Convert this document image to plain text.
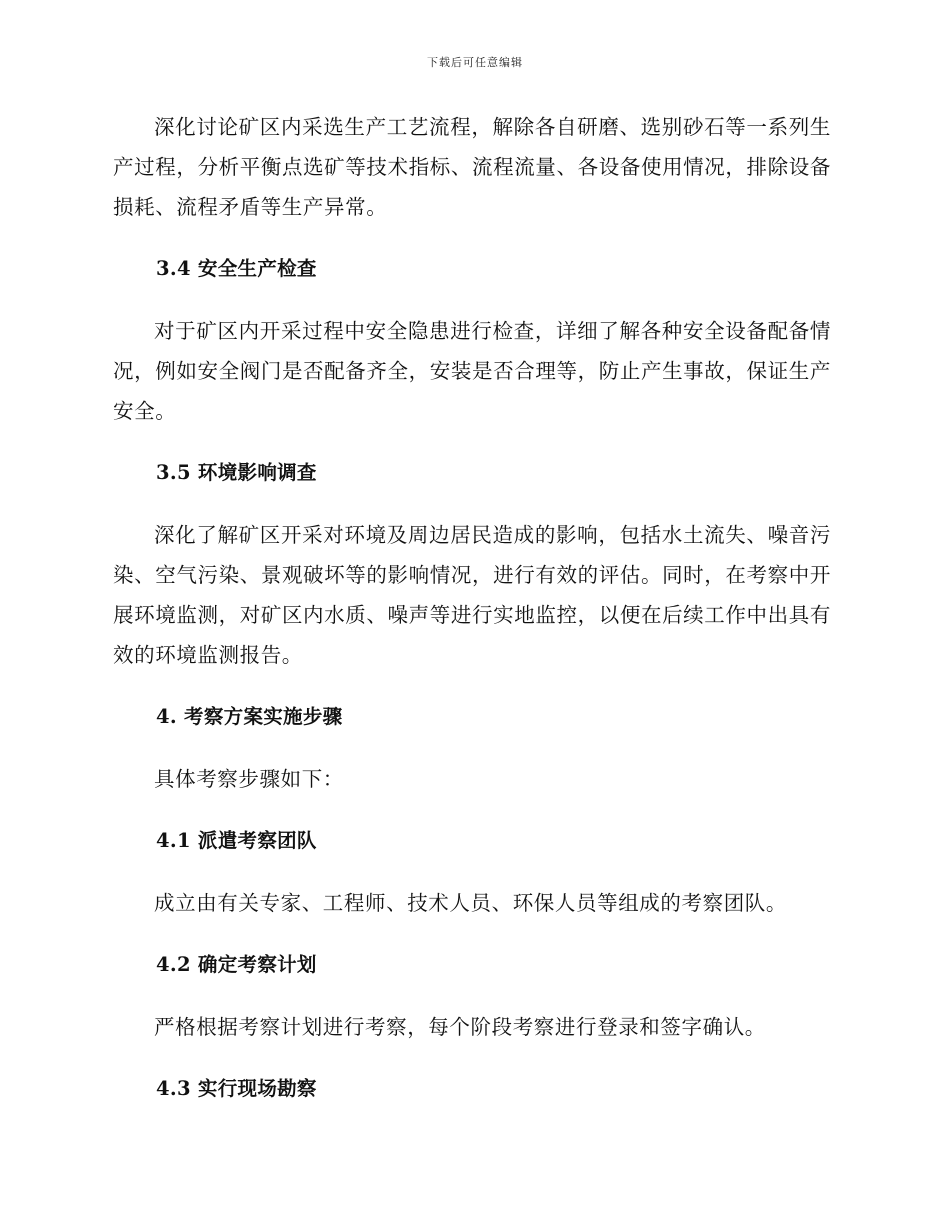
下载后可任意编辑

深化讨论矿区内采选生产工艺流程，解除各自研磨、选别砂石等一系列生产过程，分析平衡点选矿等技术指标、流程流量、各设备使用情况，排除设备损耗、流程矛盾等生产异常。

3.4 安全生产检查

对于矿区内开采过程中安全隐患进行检查，详细了解各种安全设备配备情况，例如安全阀门是否配备齐全，安装是否合理等，防止产生事故，保证生产安全。

3.5 环境影响调查

深化了解矿区开采对环境及周边居民造成的影响，包括水土流失、噪音污染、空气污染、景观破坏等的影响情况，进行有效的评估。同时，在考察中开展环境监测，对矿区内水质、噪声等进行实地监控，以便在后续工作中出具有效的环境监测报告。

4. 考察方案实施步骤

具体考察步骤如下：

4.1 派遣考察团队

成立由有关专家、工程师、技术人员、环保人员等组成的考察团队。

4.2 确定考察计划

严格根据考察计划进行考察，每个阶段考察进行登录和签字确认。

4.3 实行现场勘察
